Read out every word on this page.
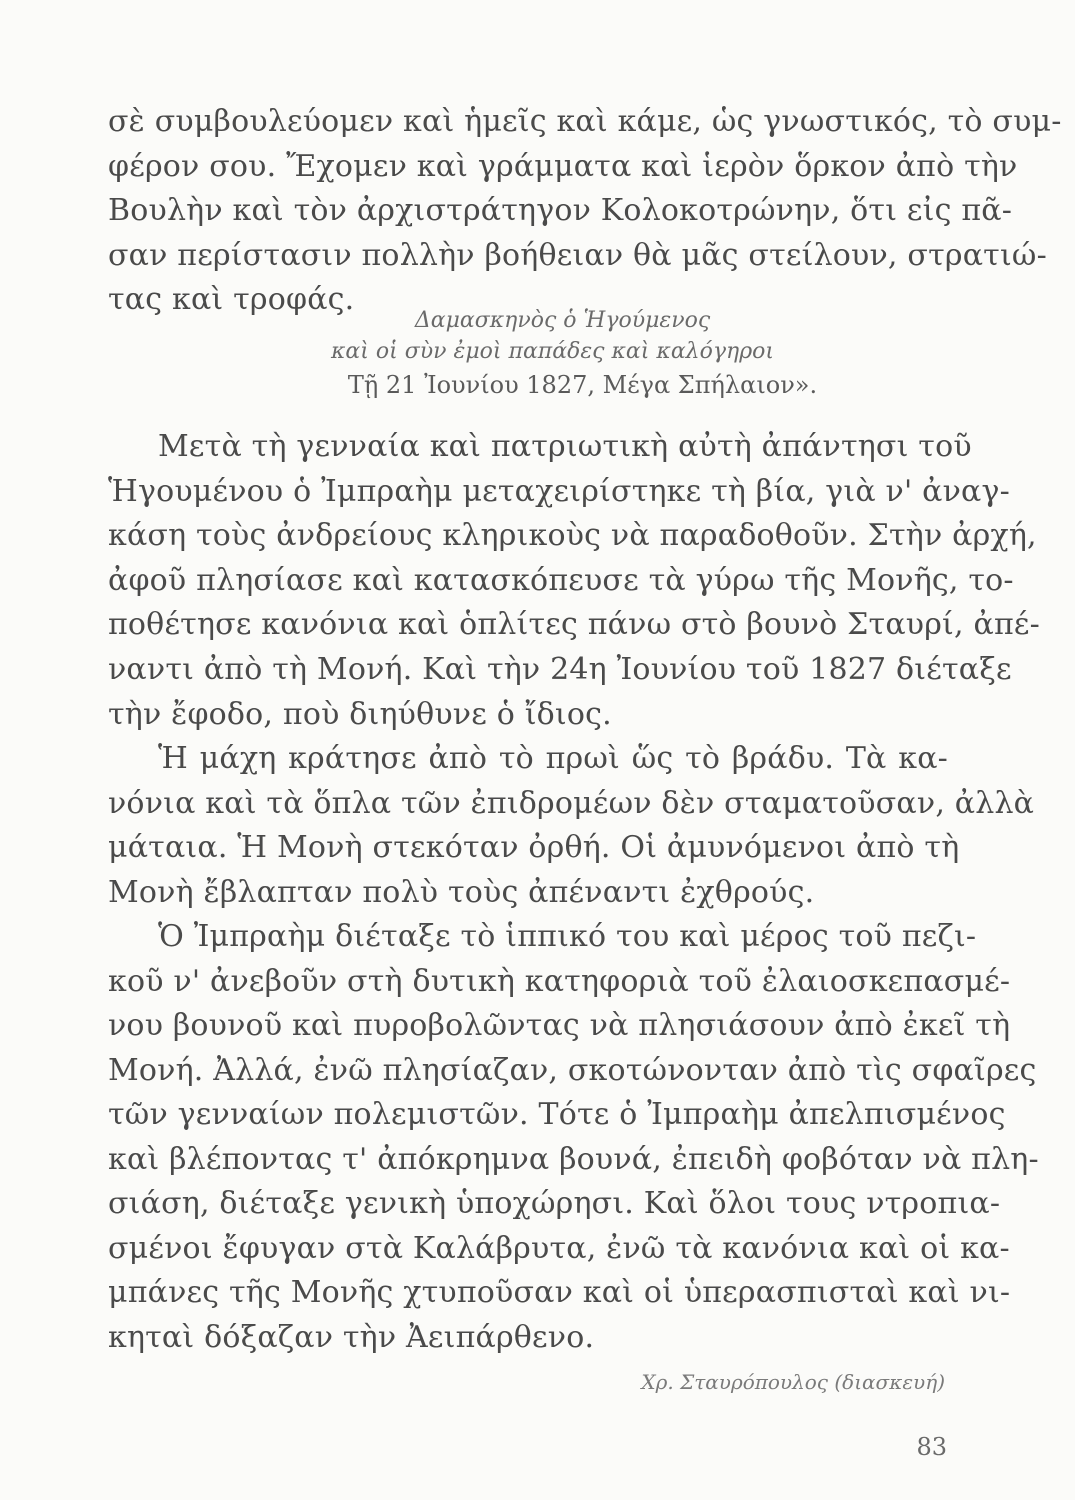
σὲ συμβουλεύομεν καὶ ἡμεῖς καὶ κάμε, ὡς γνωστικός, τὸ συμ-
φέρον σου. Ἔχομεν καὶ γράμματα καὶ ἱερὸν ὅρκον ἀπὸ τὴν
Βουλὴν καὶ τὸν ἀρχιστράτηγον Κολοκοτρώνην, ὅτι εἰς πᾶ-
σαν περίστασιν πολλὴν βοήθειαν θὰ μᾶς στείλουν, στρατιώ-
τας καὶ τροφάς.
Δαμασκηνὸς ὁ Ἡγούμενος
καὶ οἱ σὺν ἐμοὶ παπάδες καὶ καλόγηροι
Τῇ 21 Ἰουνίου 1827, Μέγα Σπήλαιον».
Μετὰ τὴ γενναία καὶ πατριωτικὴ αὐτὴ ἀπάντησι τοῦ
Ἡγουμένου ὁ Ἰμπραὴμ μεταχειρίστηκε τὴ βία, γιὰ ν' ἀναγ-
κάση τοὺς ἀνδρείους κληρικοὺς νὰ παραδοθοῦν. Στὴν ἀρχή,
ἀφοῦ πλησίασε καὶ κατασκόπευσε τὰ γύρω τῆς Μονῆς, το-
ποθέτησε κανόνια καὶ ὁπλίτες πάνω στὸ βουνὸ Σταυρί, ἀπέ-
ναντι ἀπὸ τὴ Μονή. Καὶ τὴν 24η Ἰουνίου τοῦ 1827 διέταξε
τὴν ἔφοδο, ποὺ διηύθυνε ὁ ἴδιος.
Ἡ μάχη κράτησε ἀπὸ τὸ πρωὶ ὥς τὸ βράδυ. Τὰ κα-
νόνια καὶ τὰ ὅπλα τῶν ἐπιδρομέων δὲν σταματοῦσαν, ἀλλὰ
μάταια. Ἡ Μονὴ στεκόταν ὀρθή. Οἱ ἀμυνόμενοι ἀπὸ τὴ
Μονὴ ἔβλαπταν πολὺ τοὺς ἀπέναντι ἐχθρούς.
Ὁ Ἰμπραὴμ διέταξε τὸ ἱππικό του καὶ μέρος τοῦ πεζι-
κοῦ ν' ἀνεβοῦν στὴ δυτικὴ κατηφοριὰ τοῦ ἐλαιοσκεπασμέ-
νου βουνοῦ καὶ πυροβολῶντας νὰ πλησιάσουν ἀπὸ ἐκεῖ τὴ
Μονή. Ἀλλά, ἐνῶ πλησίαζαν, σκοτώνονταν ἀπὸ τὶς σφαῖρες
τῶν γενναίων πολεμιστῶν. Τότε ὁ Ἰμπραὴμ ἀπελπισμένος
καὶ βλέποντας τ' ἀπόκρημνα βουνά, ἐπειδὴ φοβόταν νὰ πλη-
σιάση, διέταξε γενικὴ ὑποχώρησι. Καὶ ὅλοι τους ντροπια-
σμένοι ἔφυγαν στὰ Καλάβρυτα, ἐνῶ τὰ κανόνια καὶ οἱ κα-
μπάνες τῆς Μονῆς χτυποῦσαν καὶ οἱ ὑπερασπισταὶ καὶ νι-
κηταὶ δόξαζαν τὴν Ἀειπάρθενο.
Χρ. Σταυρόπουλος (διασκευή)
83
